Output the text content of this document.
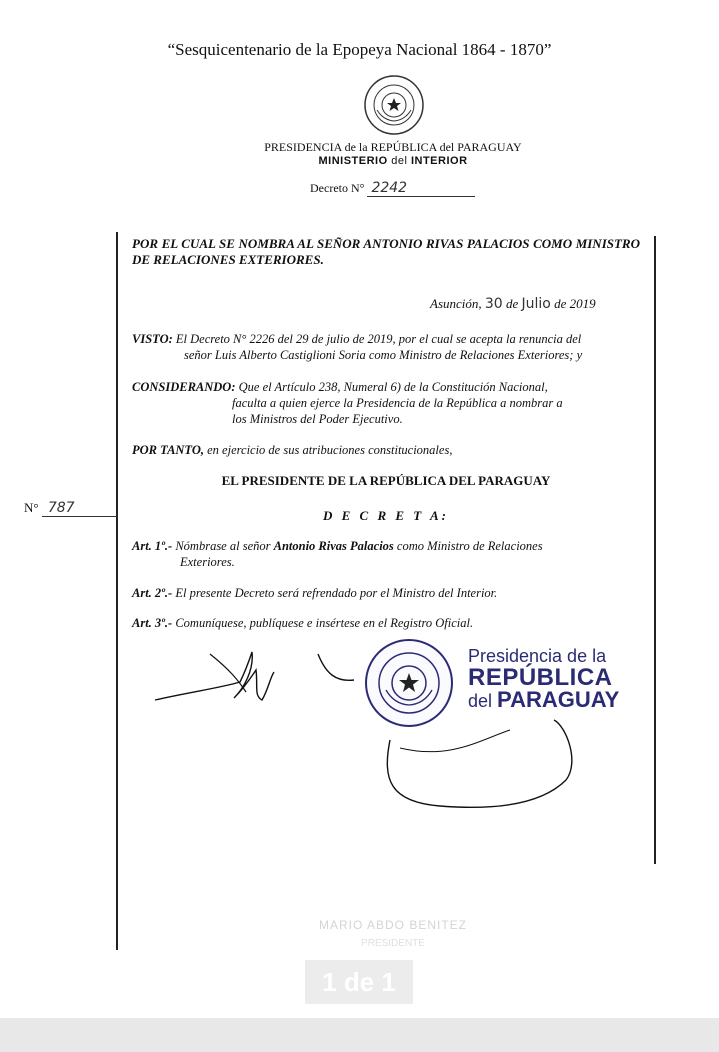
“Sesquicentenario de la Epopeya Nacional 1864 - 1870”
PRESIDENCIA de la REPÚBLICA del PARAGUAY
MINISTERIO del INTERIOR
Decreto N° 2242
POR EL CUAL SE NOMBRA AL SEÑOR ANTONIO RIVAS PALACIOS COMO MINISTRO DE RELACIONES EXTERIORES.
Asunción, 30 de Julio de 2019
VISTO: El Decreto N° 2226 del 29 de julio de 2019, por el cual se acepta la renuncia del
señor Luis Alberto Castiglioni Soria como Ministro de Relaciones Exteriores; y
CONSIDERANDO: Que el Artículo 238, Numeral 6) de la Constitución Nacional,
faculta a quien ejerce la Presidencia de la República a nombrar a
los Ministros del Poder Ejecutivo.
POR TANTO, en ejercicio de sus atribuciones constitucionales,
EL PRESIDENTE DE LA REPÚBLICA DEL PARAGUAY
N° 787	D E C R E T A:
Art. 1º.- Nómbrase al señor Antonio Rivas Palacios como Ministro de Relaciones
Exteriores.
Art. 2º.- El presente Decreto será refrendado por el Ministro del Interior.
Art. 3º.- Comuníquese, publíquese e insértese en el Registro Oficial.
Presidencia de la
REPÚBLICA
del PARAGUAY
MARIO ABDO BENITEZ
PRESIDENTE
1 de 1
